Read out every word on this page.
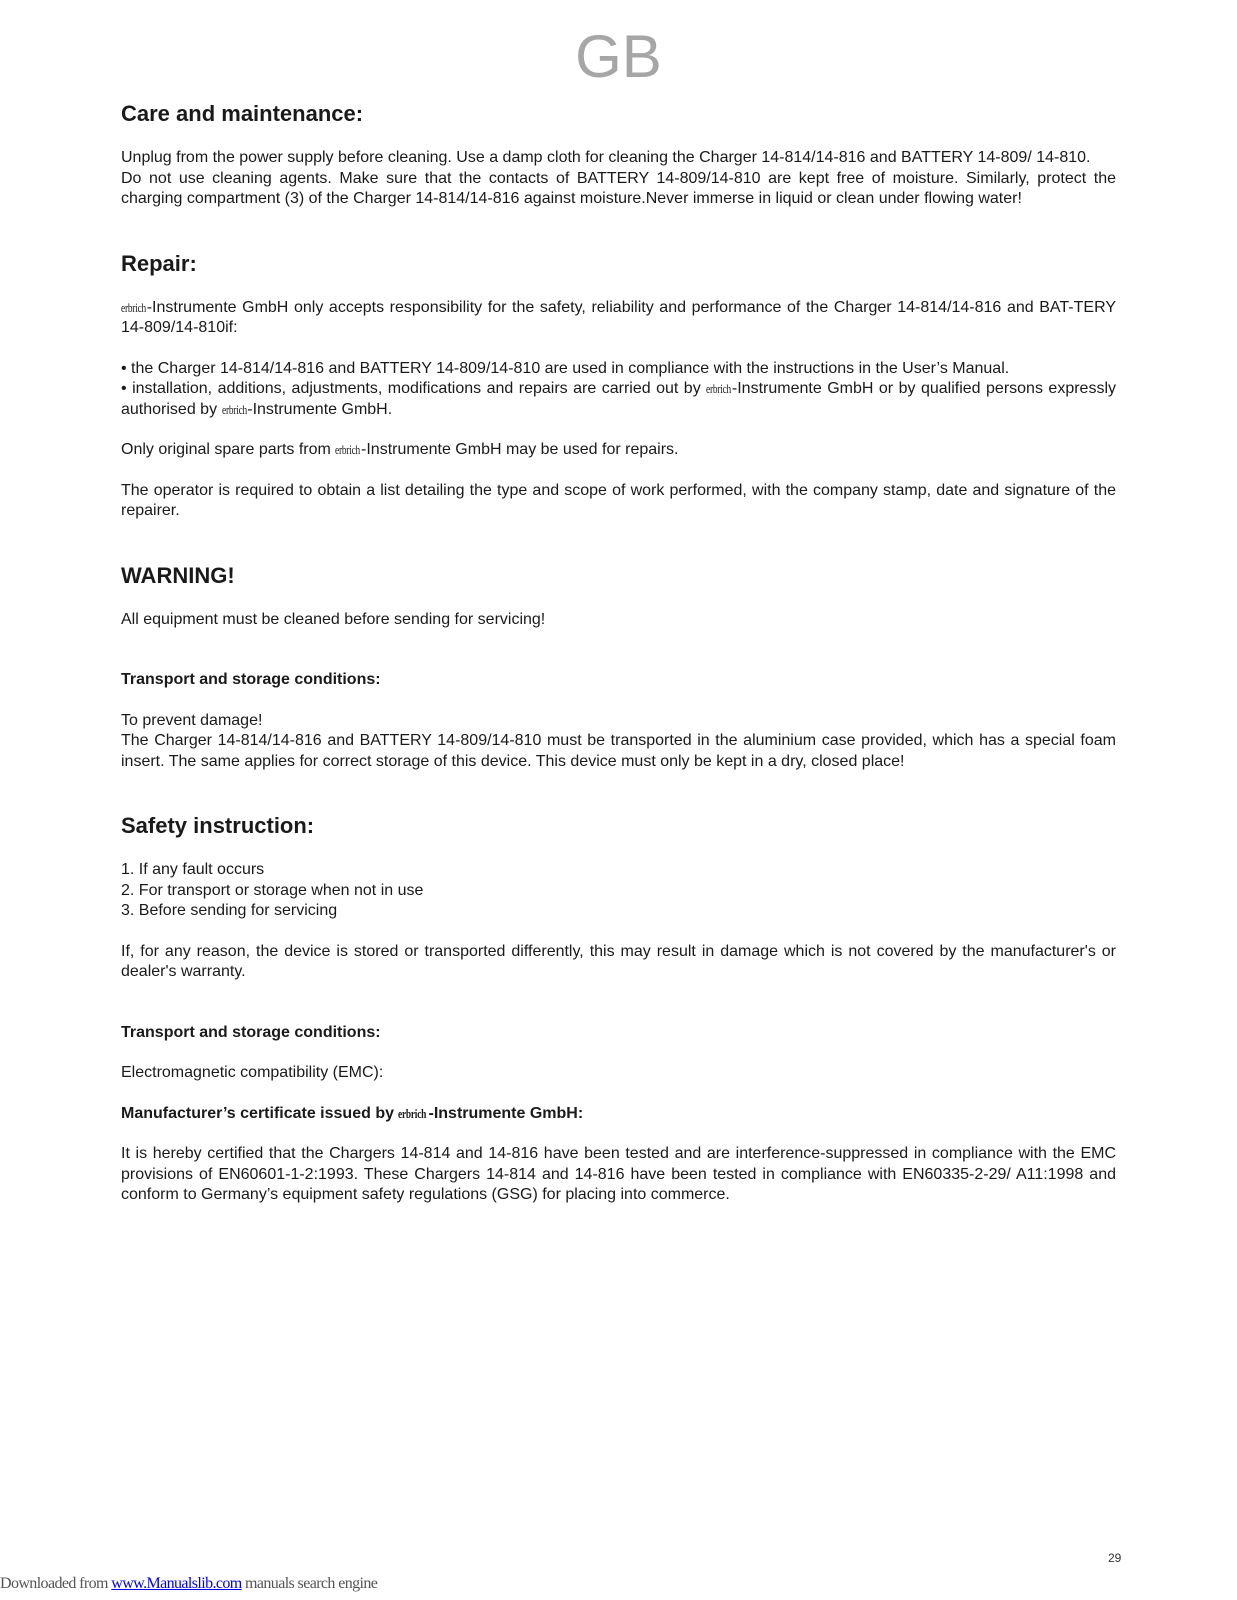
GB
Care and maintenance:

Unplug from the power supply before cleaning. Use a damp cloth for cleaning the Charger 14-814/14-816 and BATTERY 14-809/ 14-810.

Do not use cleaning agents. Make sure that the contacts of BATTERY 14-809/14-810 are kept free of moisture. Similarly, protect the charging compartment (3) of the Charger 14-814/14-816 against moisture.Never immerse in liquid or clean under flowing water!

Repair:

erbrich-Instrumente GmbH only accepts responsibility for the safety, reliability and performance of the Charger 14-814/14-816 and BAT-TERY 14-809/14-810if:

• the Charger 14-814/14-816 and BATTERY 14-809/14-810 are used in compliance with the instructions in the User’s Manual.

• installation, additions, adjustments, modifications and repairs are carried out by erbrich-Instrumente GmbH or by qualified persons expressly authorised by erbrich-Instrumente GmbH.

Only original spare parts from erbrich-Instrumente GmbH may be used for repairs.

The operator is required to obtain a list detailing the type and scope of work performed, with the company stamp, date and signature of the repairer.

WARNING!

All equipment must be cleaned before sending for servicing!

Transport and storage conditions:

To prevent damage!

The Charger 14-814/14-816 and BATTERY 14-809/14-810 must be transported in the aluminium case provided, which has a special foam insert. The same applies for correct storage of this device. This device must only be kept in a dry, closed place!

Safety instruction:
1. If any fault occurs
2. For transport or storage when not in use
3. Before sending for servicing

If, for any reason, the device is stored or transported differently, this may result in damage which is not covered by the manufacturer's or dealer's warranty.

Transport and storage conditions:

Electromagnetic compatibility (EMC):

Manufacturer’s certificate issued by erbrich -Instrumente GmbH:

It is hereby certified that the Chargers 14-814 and 14-816 have been tested and are interference-suppressed in compliance with the EMC provisions of EN60601-1-2:1993. These Chargers 14-814 and 14-816 have been tested in compliance with EN60335-2-29/ A11:1998 and conform to Germany’s equipment safety regulations (GSG) for placing into commerce.

29
Downloaded from www.Manualslib.com manuals search engine
